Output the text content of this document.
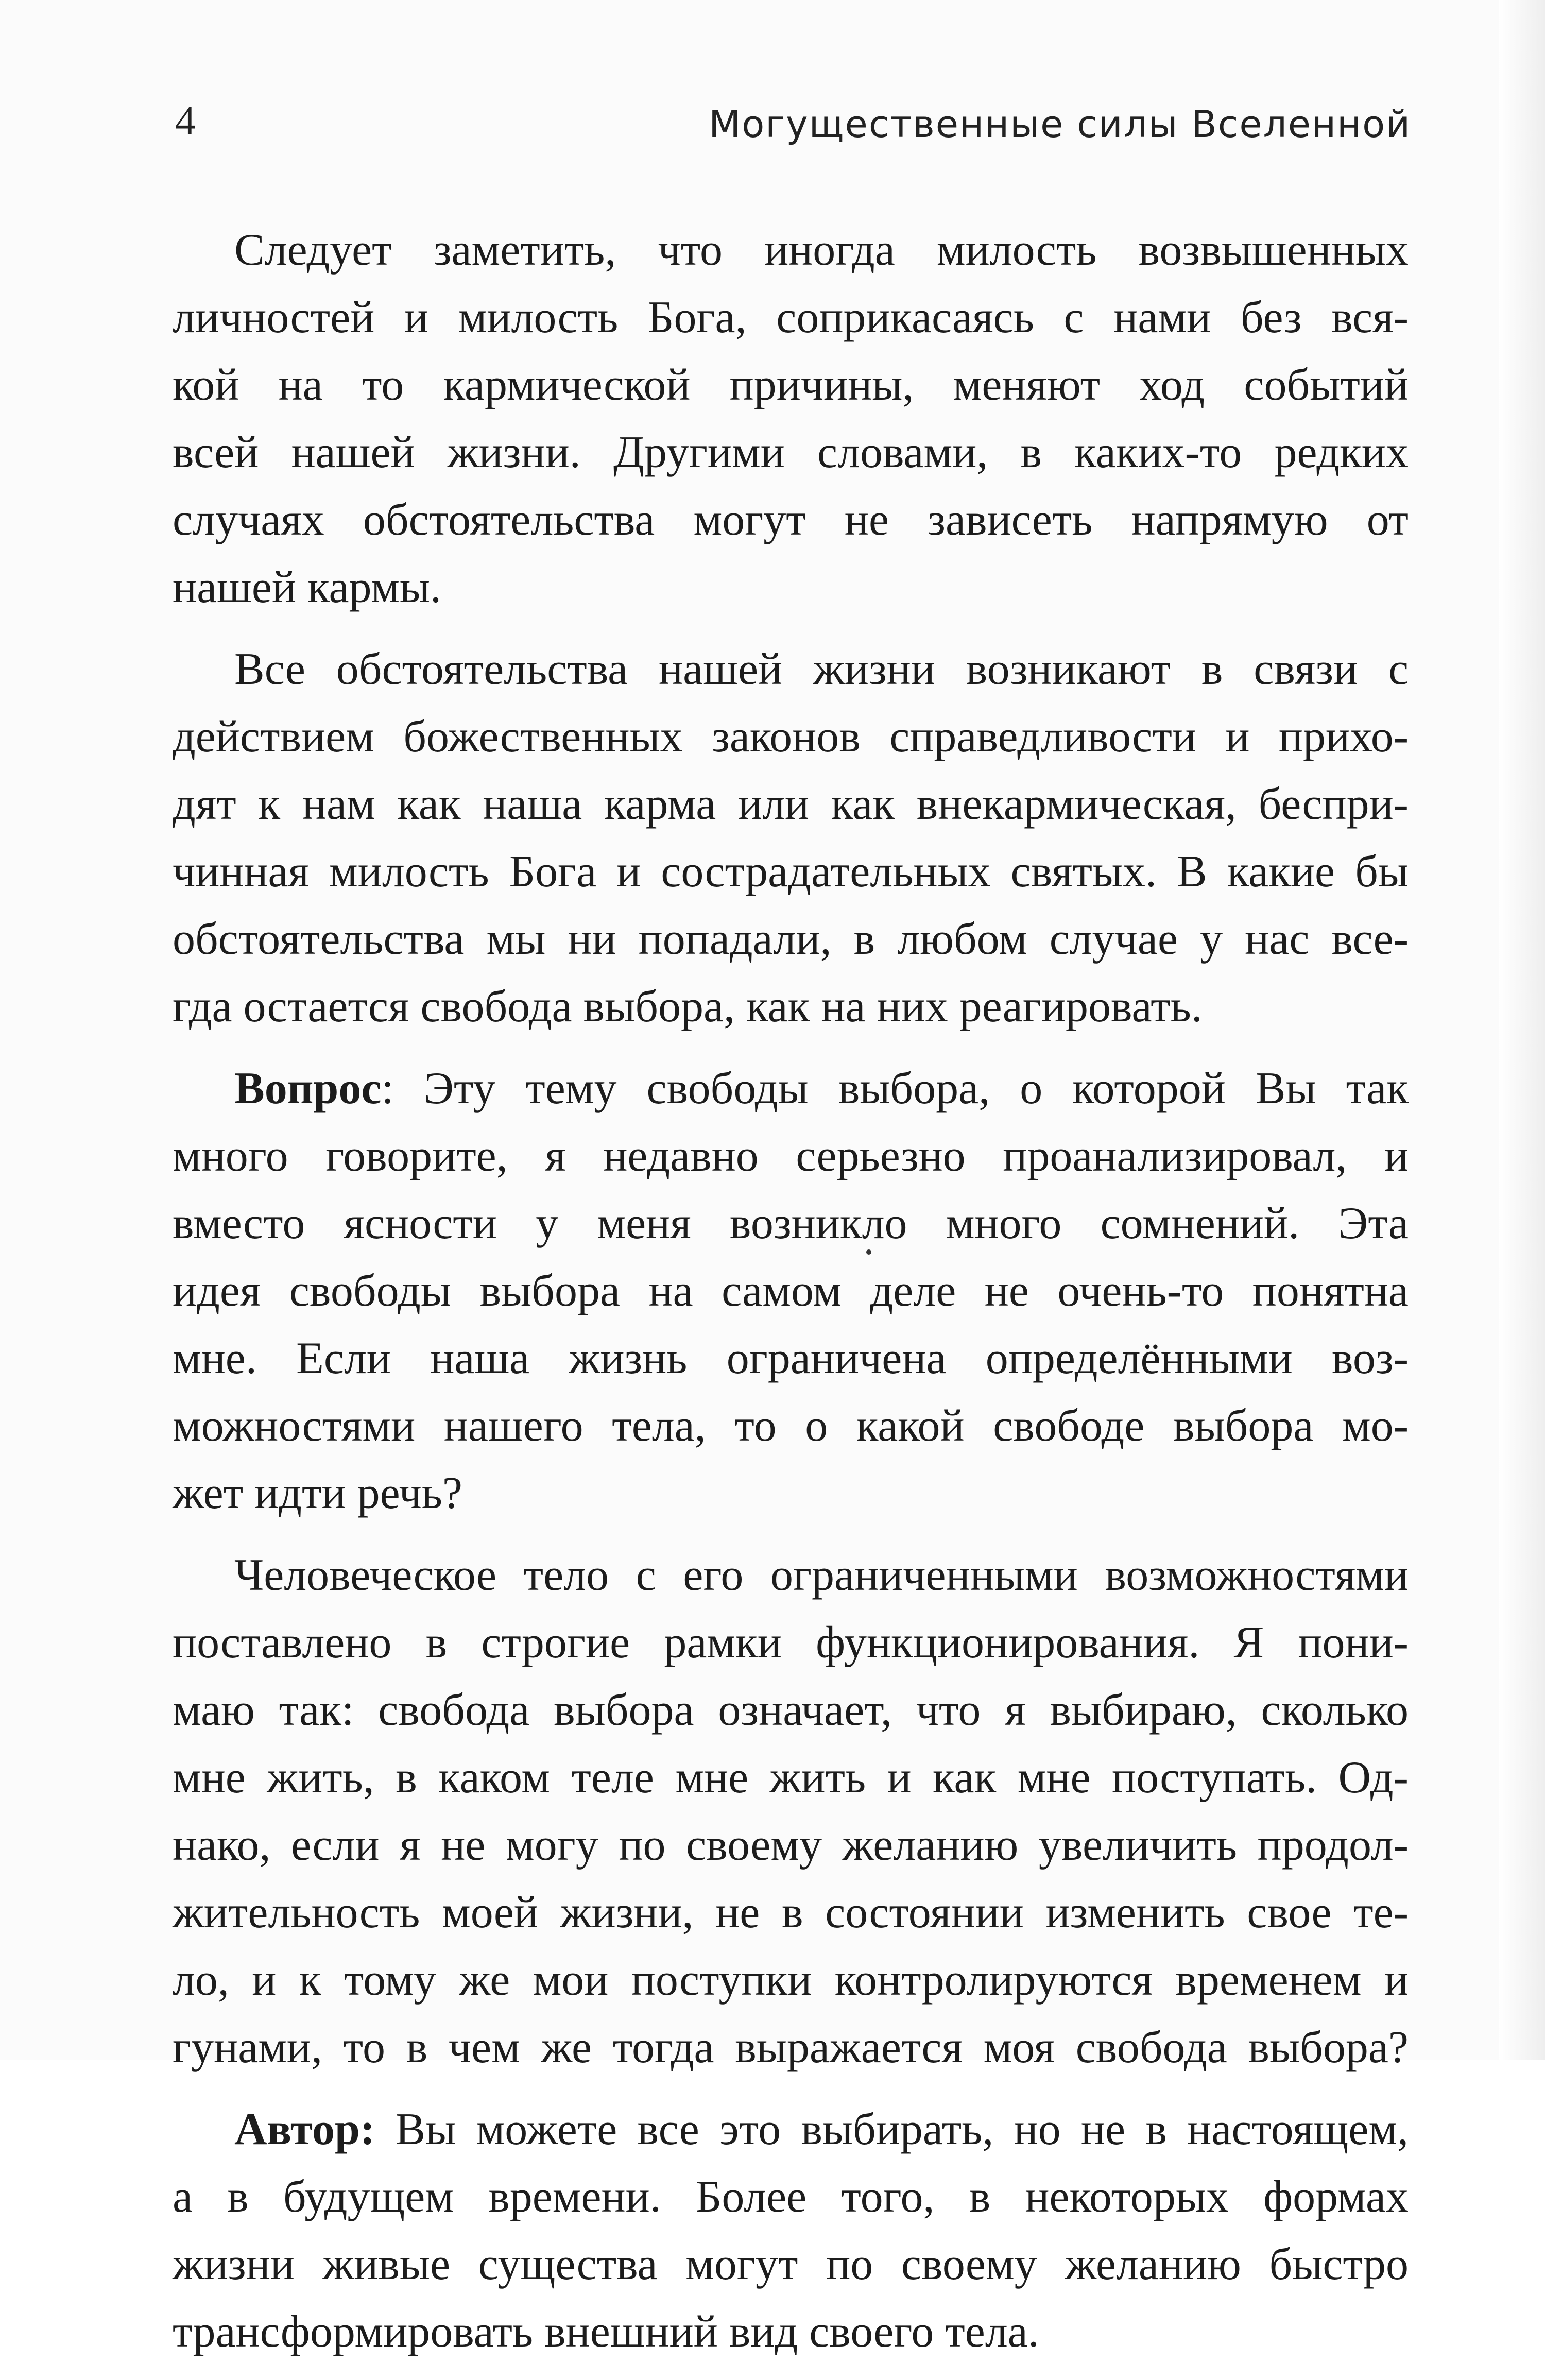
4	Могущественные силы Вселенной
Следует заметить, что иногда милость возвышенных
личностей и милость Бога, соприкасаясь с нами без вся-
кой на то кармической причины, меняют ход событий
всей нашей жизни. Другими словами, в каких-то редких
случаях обстоятельства могут не зависеть напрямую от
нашей кармы.
Все обстоятельства нашей жизни возникают в связи с
действием божественных законов справедливости и прихо-
дят к нам как наша карма или как внекармическая, беспри-
чинная милость Бога и сострадательных святых. В какие бы
обстоятельства мы ни попадали, в любом случае у нас все-
гда остается свобода выбора, как на них реагировать.
Вопрос: Эту тему свободы выбора, о которой Вы так
много говорите, я недавно серьезно проанализировал, и
вместо ясности у меня возникло много сомнений. Эта
идея свободы выбора на самом деле не очень-то понятна
мне. Если наша жизнь ограничена определёнными воз-
можностями нашего тела, то о какой свободе выбора мо-
жет идти речь?
Человеческое тело с его ограниченными возможностями
поставлено в строгие рамки функционирования. Я пони-
маю так: свобода выбора означает, что я выбираю, сколько
мне жить, в каком теле мне жить и как мне поступать. Од-
нако, если я не могу по своему желанию увеличить продол-
жительность моей жизни, не в состоянии изменить свое те-
ло, и к тому же мои поступки контролируются временем и
гунами, то в чем же тогда выражается моя свобода выбора?
Автор: Вы можете все это выбирать, но не в настоящем,
а в будущем времени. Более того, в некоторых формах
жизни живые существа могут по своему желанию быстро
трансформировать внешний вид своего тела.
